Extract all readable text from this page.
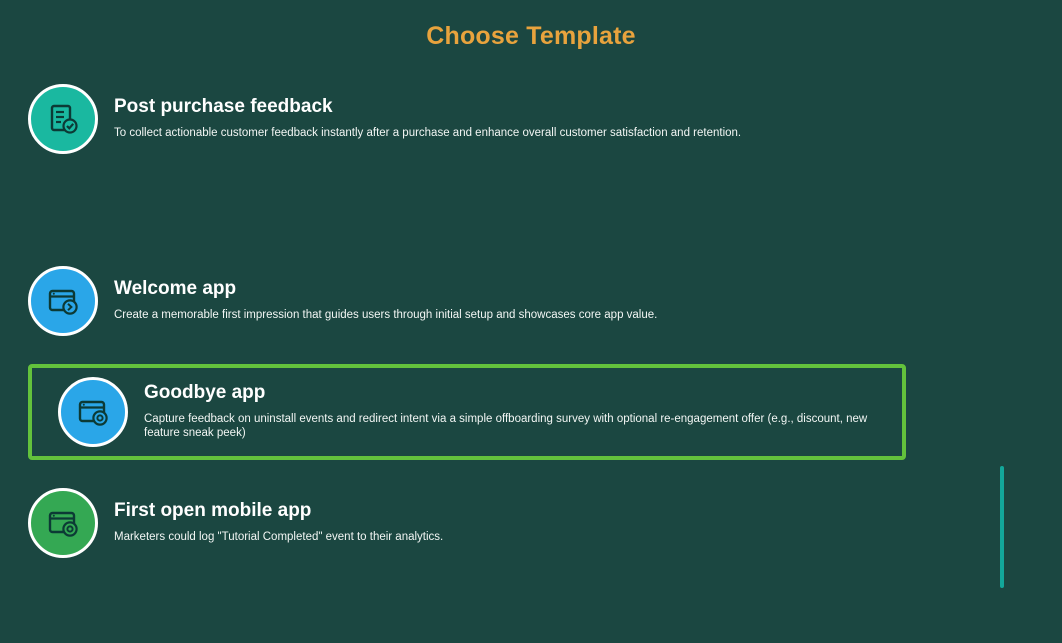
Choose Template

Post purchase feedback

To collect actionable customer feedback instantly after a purchase and enhance overall customer satisfaction and retention.

Welcome app

Create a memorable first impression that guides users through initial setup and showcases core app value.

Goodbye app

Capture feedback on uninstall events and redirect intent via a simple offboarding survey with optional re-engagement offer (e.g., discount, new feature sneak peek)

First open mobile app

Marketers could log "Tutorial Completed" event to their analytics.
